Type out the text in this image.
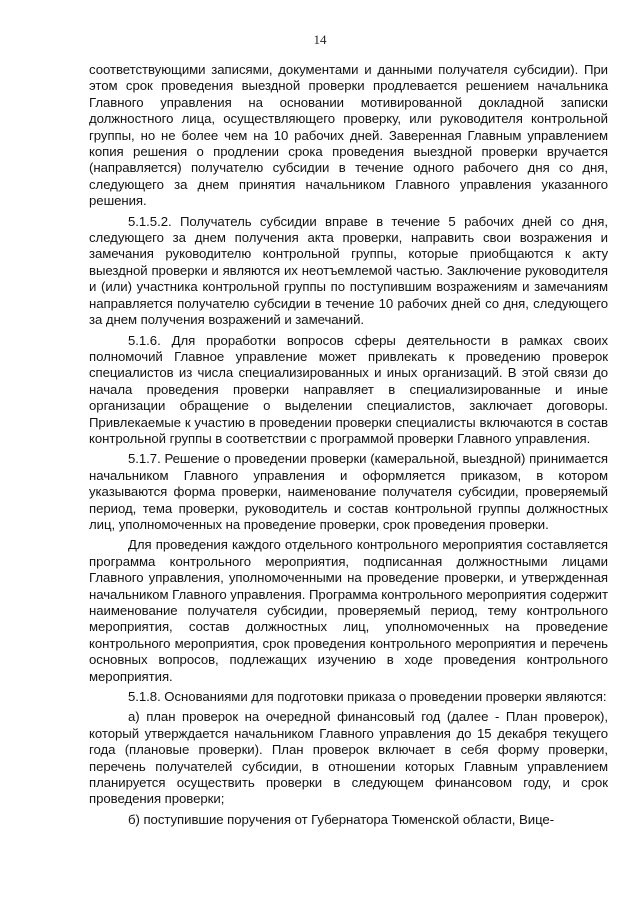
14

соответствующими записями, документами и данными получателя субсидии). При этом срок проведения выездной проверки продлевается решением начальника Главного управления на основании мотивированной докладной записки должностного лица, осуществляющего проверку, или руководителя контрольной группы, но не более чем на 10 рабочих дней. Заверенная Главным управлением копия решения о продлении срока проведения выездной проверки вручается (направляется) получателю субсидии в течение одного рабочего дня со дня, следующего за днем принятия начальником Главного управления указанного решения.

5.1.5.2. Получатель субсидии вправе в течение 5 рабочих дней со дня, следующего за днем получения акта проверки, направить свои возражения и замечания руководителю контрольной группы, которые приобщаются к акту выездной проверки и являются их неотъемлемой частью. Заключение руководителя и (или) участника контрольной группы по поступившим возражениям и замечаниям направляется получателю субсидии в течение 10 рабочих дней со дня, следующего за днем получения возражений и замечаний.

5.1.6. Для проработки вопросов сферы деятельности в рамках своих полномочий Главное управление может привлекать к проведению проверок специалистов из числа специализированных и иных организаций. В этой связи до начала проведения проверки направляет в специализированные и иные организации обращение о выделении специалистов, заключает договоры. Привлекаемые к участию в проведении проверки специалисты включаются в состав контрольной группы в соответствии с программой проверки Главного управления.

5.1.7. Решение о проведении проверки (камеральной, выездной) принимается начальником Главного управления и оформляется приказом, в котором указываются форма проверки, наименование получателя субсидии, проверяемый период, тема проверки, руководитель и состав контрольной группы должностных лиц, уполномоченных на проведение проверки, срок проведения проверки.

Для проведения каждого отдельного контрольного мероприятия составляется программа контрольного мероприятия, подписанная должностными лицами Главного управления, уполномоченными на проведение проверки, и утвержденная начальником Главного управления. Программа контрольного мероприятия содержит наименование получателя субсидии, проверяемый период, тему контрольного мероприятия, состав должностных лиц, уполномоченных на проведение контрольного мероприятия, срок проведения контрольного мероприятия и перечень основных вопросов, подлежащих изучению в ходе проведения контрольного мероприятия.

5.1.8. Основаниями для подготовки приказа о проведении проверки являются:

а) план проверок на очередной финансовый год (далее - План проверок), который утверждается начальником Главного управления до 15 декабря текущего года (плановые проверки). План проверок включает в себя форму проверки, перечень получателей субсидии, в отношении которых Главным управлением планируется осуществить проверки в следующем финансовом году, и срок проведения проверки;

б) поступившие поручения от Губернатора Тюменской области, Вице-
